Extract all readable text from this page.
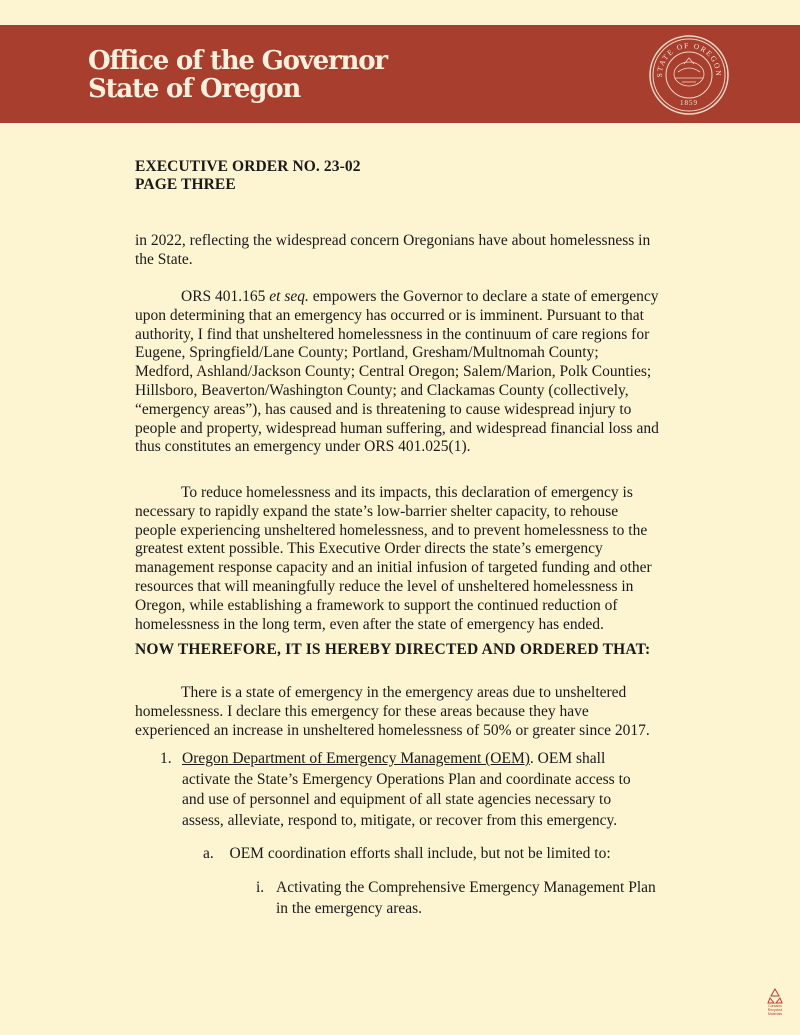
Office of the Governor
State of Oregon	STATE OF OREGON
1859
EXECUTIVE ORDER NO. 23-02
PAGE THREE
in 2022, reflecting the widespread concern Oregonians have about homelessness in the State.
ORS 401.165 et seq. empowers the Governor to declare a state of emergency upon determining that an emergency has occurred or is imminent. Pursuant to that authority, I find that unsheltered homelessness in the continuum of care regions for Eugene, Springfield/Lane County; Portland, Gresham/Multnomah County; Medford, Ashland/Jackson County; Central Oregon; Salem/Marion, Polk Counties; Hillsboro, Beaverton/Washington County; and Clackamas County (collectively, “emergency areas”), has caused and is threatening to cause widespread injury to people and property, widespread human suffering, and widespread financial loss and thus constitutes an emergency under ORS 401.025(1).
To reduce homelessness and its impacts, this declaration of emergency is necessary to rapidly expand the state’s low-barrier shelter capacity, to rehouse people experiencing unsheltered homelessness, and to prevent homelessness to the greatest extent possible. This Executive Order directs the state’s emergency management response capacity and an initial infusion of targeted funding and other resources that will meaningfully reduce the level of unsheltered homelessness in Oregon, while establishing a framework to support the continued reduction of homelessness in the long term, even after the state of emergency has ended.
NOW THEREFORE, IT IS HEREBY DIRECTED AND ORDERED THAT:
There is a state of emergency in the emergency areas due to unsheltered homelessness. I declare this emergency for these areas because they have experienced an increase in unsheltered homelessness of 50% or greater since 2017.
1. Oregon Department of Emergency Management (OEM). OEM shall activate the State’s Emergency Operations Plan and coordinate access to and use of personnel and equipment of all state agencies necessary to assess, alleviate, respond to, mitigate, or recover from this emergency.
a. OEM coordination efforts shall include, but not be limited to:
i. Activating the Comprehensive Emergency Management Plan in the emergency areas.
Contains
Recycled
Materials
